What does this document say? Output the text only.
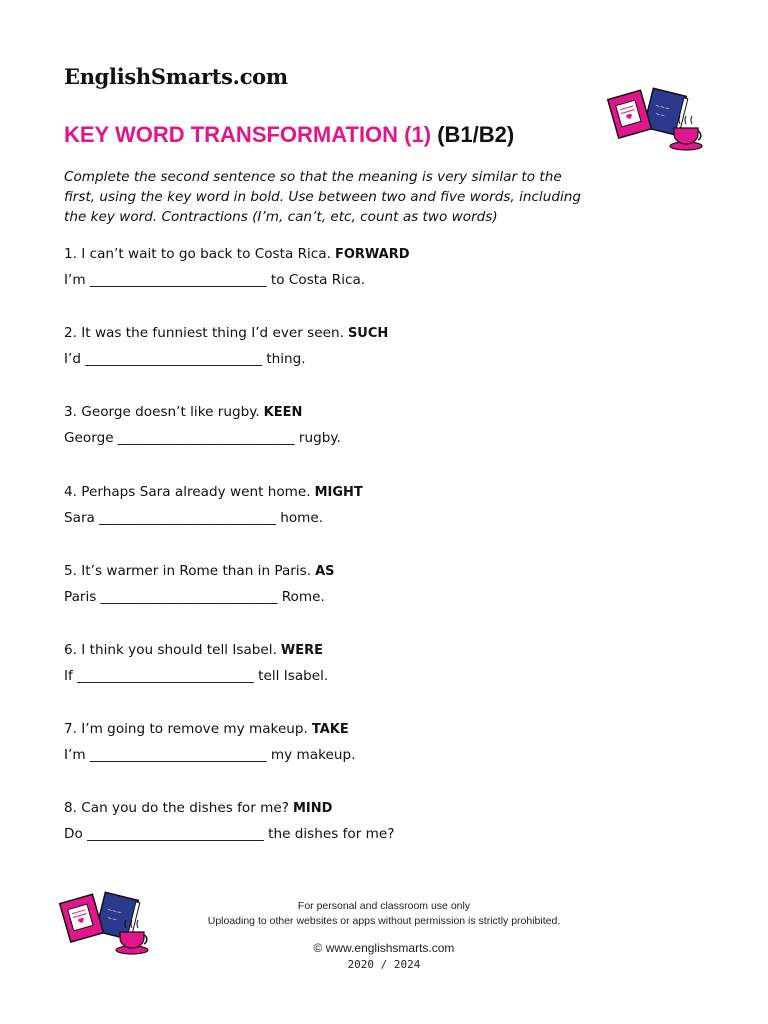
EnglishSmarts.com
KEY WORD TRANSFORMATION (1) (B1/B2)
~~~
~~
Complete the second sentence so that the meaning is very similar to the first, using the key word in bold. Use between two and five words, including the key word. Contractions (I’m, can’t, etc, count as two words)
1. I can’t wait to go back to Costa Rica. FORWARD
I’m __________________________ to Costa Rica.
2. It was the funniest thing I’d ever seen. SUCH
I’d __________________________ thing.
3. George doesn’t like rugby. KEEN
George __________________________ rugby.
4. Perhaps Sara already went home. MIGHT
Sara __________________________ home.
5. It’s warmer in Rome than in Paris. AS
Paris __________________________ Rome.
6. I think you should tell Isabel. WERE
If __________________________ tell Isabel.
7. I’m going to remove my makeup. TAKE
I’m __________________________ my makeup.
8. Can you do the dishes for me? MIND
Do __________________________ the dishes for me?
~~~
~~
For personal and classroom use only
Uploading to other websites or apps without permission is strictly prohibited.
© www.englishsmarts.com
2020 / 2024
